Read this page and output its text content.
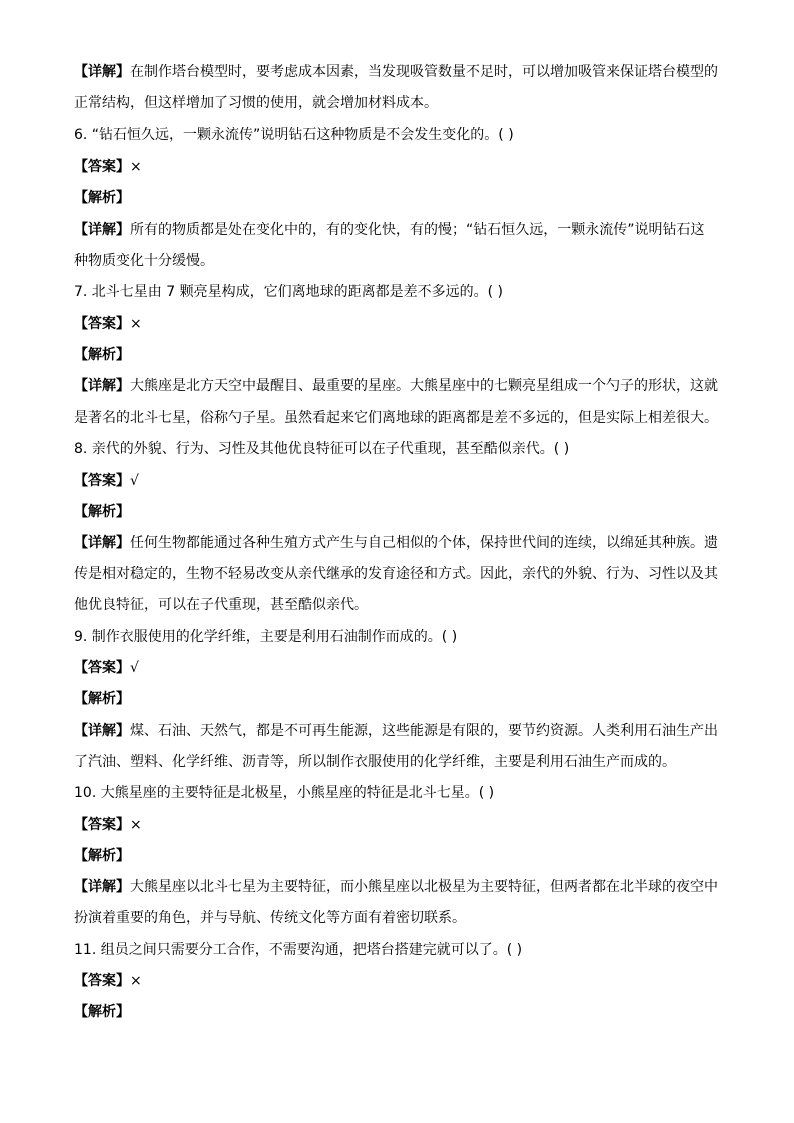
【详解】在制作塔台模型时，要考虑成本因素，当发现吸管数量不足时，可以增加吸管来保证塔台模型的
正常结构，但这样增加了习惯的使用，就会增加材料成本。
6. “钻石恒久远，一颗永流传”说明钻石这种物质是不会发生变化的。( )
【答案】×
【解析】
【详解】所有的物质都是处在变化中的，有的变化快，有的慢；“钻石恒久远，一颗永流传”说明钻石这
种物质变化十分缓慢。
7. 北斗七星由 7 颗亮星构成，它们离地球的距离都是差不多远的。( )
【答案】×
【解析】
【详解】大熊座是北方天空中最醒目、最重要的星座。大熊星座中的七颗亮星组成一个勺子的形状，这就
是著名的北斗七星，俗称勺子星。虽然看起来它们离地球的距离都是差不多远的，但是实际上相差很大。
8. 亲代的外貌、行为、习性及其他优良特征可以在子代重现，甚至酷似亲代。( )
【答案】√
【解析】
【详解】任何生物都能通过各种生殖方式产生与自己相似的个体，保持世代间的连续，以绵延其种族。遗
传是相对稳定的，生物不轻易改变从亲代继承的发育途径和方式。因此，亲代的外貌、行为、习性以及其
他优良特征，可以在子代重现，甚至酷似亲代。
9. 制作衣服使用的化学纤维，主要是利用石油制作而成的。( )
【答案】√
【解析】
【详解】煤、石油、天然气，都是不可再生能源，这些能源是有限的，要节约资源。人类利用石油生产出
了汽油、塑料、化学纤维、沥青等，所以制作衣服使用的化学纤维，主要是利用石油生产而成的。
10. 大熊星座的主要特征是北极星，小熊星座的特征是北斗七星。( )
【答案】×
【解析】
【详解】大熊星座以北斗七星为主要特征，而小熊星座以北极星为主要特征，但两者都在北半球的夜空中
扮演着重要的角色，并与导航、传统文化等方面有着密切联系。
11. 组员之间只需要分工合作，不需要沟通，把塔台搭建完就可以了。( )
【答案】×
【解析】
